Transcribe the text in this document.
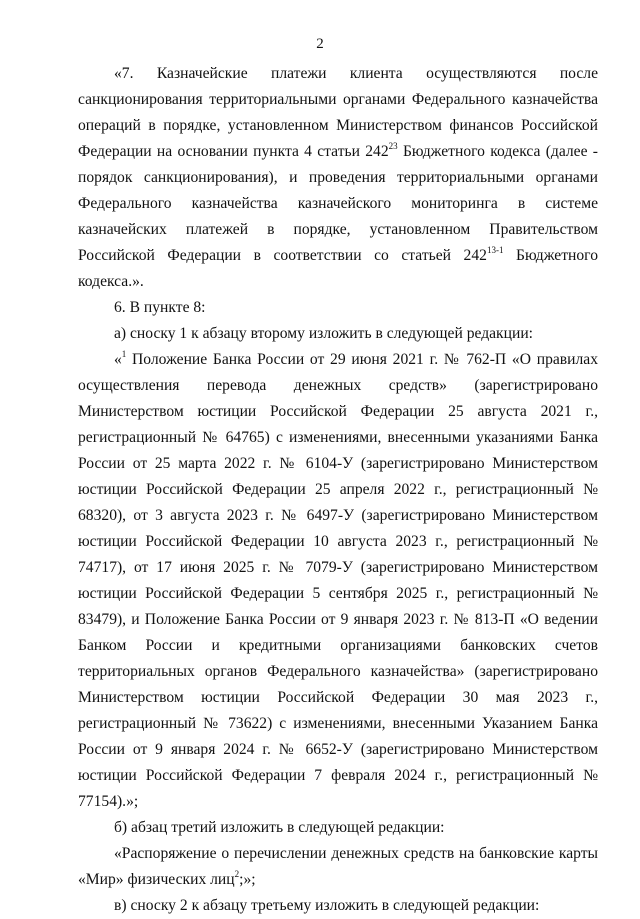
2

«7. Казначейские платежи клиента осуществляются после санкционирования территориальными органами Федерального казначейства операций в порядке, установленном Министерством финансов Российской Федерации на основании пункта 4 статьи $242^{23}$ Бюджетного кодекса (далее - порядок санкционирования), и проведения территориальными органами Федерального казначейства казначейского мониторинга в системе казначейских платежей в порядке, установленном Правительством Российской Федерации в соответствии со статьей 242$^{13-1}$ Бюджетного кодекса.».

6. В пункте 8:

а) сноску 1 к абзацу второму изложить в следующей редакции:

«$^1$ Положение Банка России от 29 июня 2021 г. № 762-П «О правилах осуществления перевода денежных средств» (зарегистрировано Министерством юстиции Российской Федерации 25 августа 2021 г., регистрационный № 64765) с изменениями, внесенными указаниями Банка России от 25 марта 2022 г. № 6104-У (зарегистрировано Министерством юстиции Российской Федерации 25 апреля 2022 г., регистрационный № 68320), от 3 августа 2023 г. № 6497-У (зарегистрировано Министерством юстиции Российской Федерации 10 августа 2023 г., регистрационный № 74717), от 17 июня 2025 г. № 7079-У (зарегистрировано Министерством юстиции Российской Федерации 5 сентября 2025 г., регистрационный № 83479), и Положение Банка России от 9 января 2023 г. № 813-П «О ведении Банком России и кредитными организациями банковских счетов территориальных органов Федерального казначейства» (зарегистрировано Министерством юстиции Российской Федерации 30 мая 2023 г., регистрационный № 73622) с изменениями, внесенными Указанием Банка России от 9 января 2024 г. № 6652-У (зарегистрировано Министерством юстиции Российской Федерации 7 февраля 2024 г., регистрационный № 77154).»;

б) абзац третий изложить в следующей редакции:

«Распоряжение о перечислении денежных средств на банковские карты «Мир» физических лиц$^2$;»;

в) сноску 2 к абзацу третьему изложить в следующей редакции:
